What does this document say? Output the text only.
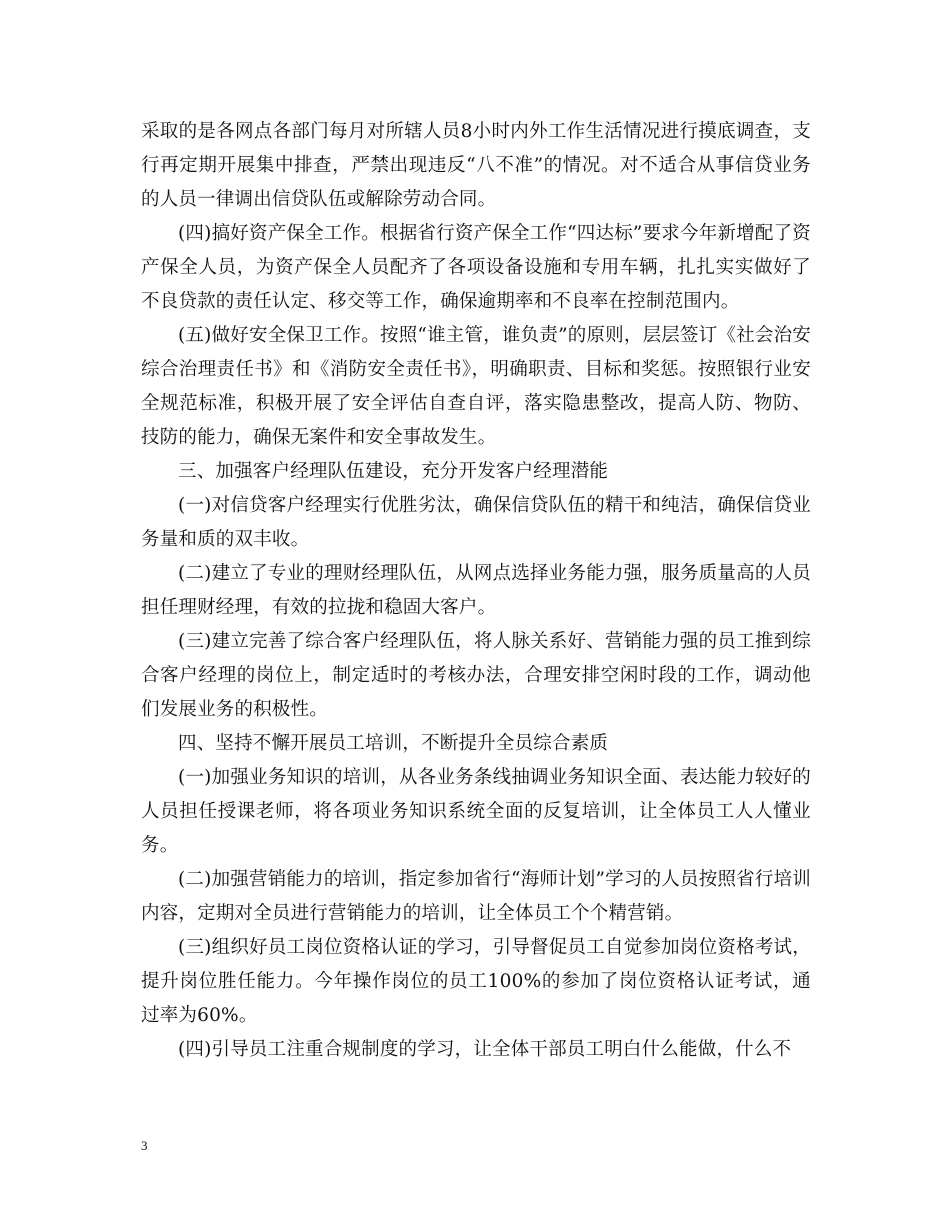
采取的是各网点各部门每月对所辖人员8小时内外工作生活情况进行摸底调查，支行再定期开展集中排查，严禁出现违反“八不准”的情况。对不适合从事信贷业务的人员一律调出信贷队伍或解除劳动合同。

(四)搞好资产保全工作。根据省行资产保全工作“四达标”要求今年新增配了资产保全人员，为资产保全人员配齐了各项设备设施和专用车辆，扎扎实实做好了不良贷款的责任认定、移交等工作，确保逾期率和不良率在控制范围内。

(五)做好安全保卫工作。按照“谁主管，谁负责”的原则，层层签订《社会治安综合治理责任书》和《消防安全责任书》，明确职责、目标和奖惩。按照银行业安全规范标准，积极开展了安全评估自查自评，落实隐患整改，提高人防、物防、技防的能力，确保无案件和安全事故发生。

三、加强客户经理队伍建设，充分开发客户经理潜能

(一)对信贷客户经理实行优胜劣汰，确保信贷队伍的精干和纯洁，确保信贷业务量和质的双丰收。

(二)建立了专业的理财经理队伍，从网点选择业务能力强，服务质量高的人员担任理财经理，有效的拉拢和稳固大客户。

(三)建立完善了综合客户经理队伍，将人脉关系好、营销能力强的员工推到综合客户经理的岗位上，制定适时的考核办法，合理安排空闲时段的工作，调动他们发展业务的积极性。

四、坚持不懈开展员工培训，不断提升全员综合素质

(一)加强业务知识的培训，从各业务条线抽调业务知识全面、表达能力较好的人员担任授课老师，将各项业务知识系统全面的反复培训，让全体员工人人懂业务。

(二)加强营销能力的培训，指定参加省行“海师计划”学习的人员按照省行培训内容，定期对全员进行营销能力的培训，让全体员工个个精营销。

(三)组织好员工岗位资格认证的学习，引导督促员工自觉参加岗位资格考试，提升岗位胜任能力。今年操作岗位的员工100%的参加了岗位资格认证考试，通过率为60%。

(四)引导员工注重合规制度的学习，让全体干部员工明白什么能做，什么不

3
